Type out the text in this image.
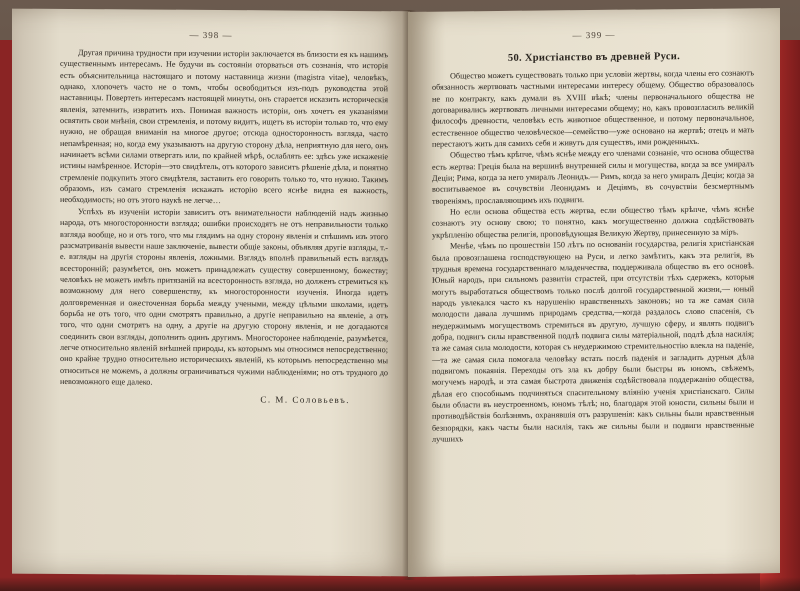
— 398 —

Другая причина трудности при изучении исторіи заключается въ близости ея къ нашимъ существеннымъ интересамъ. Не будучи въ состояніи оторваться отъ сознанія, что исторія есть объяснительница настоящаго и потому наставница жизни (magistra vitae), человѣкъ, однако, хлопочетъ часто не о томъ, чтобы освободиться изъ-подъ руководства этой наставницы. Повертеть интересамъ настоящей минуты, онъ старается исказить историческія явленія, затемнить, извратить ихъ. Понимая важность исторіи, онъ хочетъ ея указаніями освятить свои мнѣнія, свои стремленія, и потому видитъ, ищетъ въ исторіи только то, что ему нужно, не обращая вниманія на многое другое; отсюда односторонность взгляда, часто непамѣренная; но, когда ему указываютъ на другую сторону дѣла, неприятную для него, онъ начинаетъ всѣми силами отвергать или, по крайней мѣрѣ, ослаблять ее: здѣсь уже искаженіе истины намѣренное. Исторія—это свидѣтель, отъ которого зависитъ рѣшеніе дѣла, и понятно стремленіе подкупить этого свидѣтеля, заставить его говорить только то, что нужно. Такимъ образомъ, изъ самаго стремленія искажать исторію всего яснѣе видна ея важность, необходимость; но отъ этого наукѣ не легче…

Успѣхъ въ изученіи исторіи зависитъ отъ внимательности наблюденій надъ жизнью народа, отъ многосторонности взгляда; ошибки происходятъ не отъ неправильности только взгляда вообще, но и отъ того, что мы глядимъ на одну сторону явленія и спѣшимъ изъ этого разсматриванія вывести наше заключеніе, вывести общіе законы, объявляя другіе взгляды, т.-е. взгляды на другія стороны явленія, ложными. Взглядъ вполнѣ правильный есть взглядъ всесторонній; разумѣется, онъ можетъ принадлежать существу совершенному, божеству; человѣкъ не можетъ имѣть притязаній на всесторонность взгляда, но долженъ стремиться къ возможному для него совершенству, къ многосторонности изученія. Иногда идетъ долговременная и ожесточенная борьба между учеными, между цѣлыми школами, идетъ борьба не отъ того, что одни смотрятъ правильно, а другіе неправильно на явленіе, а отъ того, что одни смотрятъ на одну, а другіе на другую сторону явленія, и не догадаются соединить свои взгляды, дополнить одинъ другимъ. Многосторонее наблюденіе, разумѣется, легче относительно явленій внѣшней природы, къ которымъ мы относимся непосредственно; оно крайне трудно относительно историческихъ явленій, къ которымъ непосредственно мы относиться не можемъ, а должны ограничиваться чужими наблюденіями; но отъ трудного до невозможного еще далеко.

С. М. Соловьевъ.
— 399 —
50. Христіанство въ древней Руси.

Общество можетъ существовать только при условіи жертвы, когда члены его сознаютъ обязанность жертвовать частными интересами интересу общему. Общество образовалось не по контракту, какъ думали въ XVIII вѣкѣ; члены первоначального общества не договаривались жертвовать личными интересами общему; но, какъ провозгласилъ великій философъ древности, человѣкъ есть животное общественное, и потому первоначальное, естественное общество человѣческое—семейство—уже основано на жертвѣ; отецъ и мать перестаютъ жить для самихъ себя и живутъ для существъ, ими рожденныхъ.

Общество тѣмъ крѣпче, чѣмъ яснѣе между его членами сознаніе, что основа общества есть жертва: Греція была на вершинѣ внутренней силы и могущества, когда за все умиралъ Деціи; Рима, когда за него умиралъ Леонидъ.— Римъ, когда за него умиралъ Деціи; когда за воспитываемое въ сочувствіи Леонидамъ и Деціямъ, въ сочувствіи безсмертнымъ твореніямъ, прославляющимъ ихъ подвиги.

Но если основа общества есть жертва, если общество тѣмъ крѣпче, чѣмъ яснѣе сознаютъ эту основу свою; то понятно, какъ могущественно должна содѣйствовать укрѣпленію общества религія, проповѣдующая Великую Жертву, принесенную за міръ.

Менѣе, чѣмъ по прошествіи 150 лѣтъ по основаніи государства, религія христіанская была провозглашена господствующею на Руси, и легко замѣтить, какъ эта религія, въ трудныя времена государственнаго младенчества, поддерживала общество въ его основѣ. Юный народъ, при сильномъ развитіи страстей, при отсутствіи тѣхъ сдержекъ, которыя могутъ выработаться обществомъ только послѣ долгой государственной жизни,— юный народъ увлекался часто къ нарушенію нравственныхъ законовъ; но та же самая сила молодости давала лучшимъ природамъ средства,—когда раздалось слово спасенія, съ неудержимымъ могуществомъ стремиться въ другую, лучшую сферу, и являть подвигъ добра, подвигъ силы нравственной подлѣ подвига силы матеріальной, подлѣ дѣла насилія; та же самая сила молодости, которая съ неудержимою стремительностію влекла на паденіе,—та же самая сила помогала человѣку встать послѣ паденія и загладить дурныя дѣла подвигомъ покаянія. Переходы отъ зла къ добру были быстры въ юномъ, свѣжемъ, могучемъ народѣ, и эта самая быстрота движенія содѣйствовала поддержанію общества, дѣлая его способнымъ подчиняться спасительному вліянію ученія христіанскаго. Силы были области въ неустроенномъ, юномъ тѣлѣ; но, благодаря этой юности, сильны были и противодѣйствія болѣзнямъ, охранявшія отъ разрушенія: какъ сильны были нравственныя безпорядки, какъ часты были насилія, такъ же сильны были и подвиги нравственные лучшихъ
